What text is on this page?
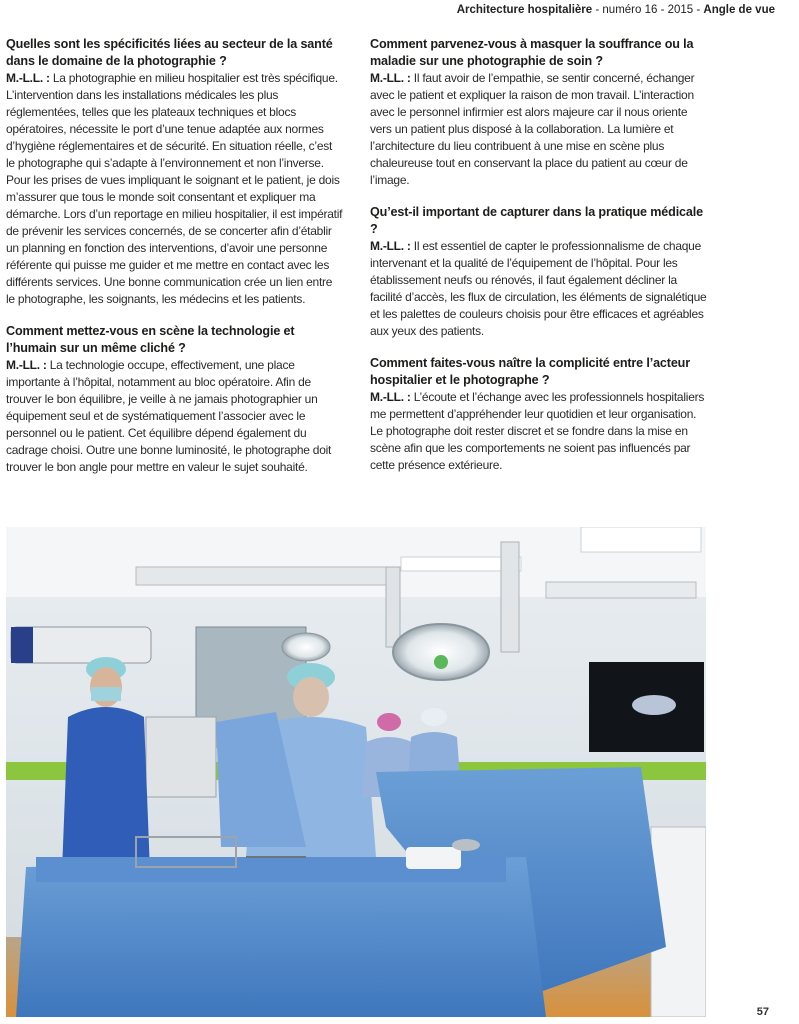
Architecture hospitalière - numéro 16 - 2015 - Angle de vue

Quelles sont les spécificités liées au secteur de la santé dans le domaine de la photographie ?

M.-L.L. : La photographie en milieu hospitalier est très spécifique. L’intervention dans les installations médicales les plus réglementées, telles que les plateaux techniques et blocs opératoires, nécessite le port d’une tenue adaptée aux normes d’hygiène réglementaires et de sécurité. En situation réelle, c’est le photographe qui s’adapte à l’environnement et non l’inverse. Pour les prises de vues impliquant le soignant et le patient, je dois m’assurer que tous le monde soit consentant et expliquer ma démarche. Lors d’un reportage en milieu hospitalier, il est impératif de prévenir les services concernés, de se concerter afin d’établir un planning en fonction des interventions, d’avoir une personne référente qui puisse me guider et me mettre en contact avec les différents services. Une bonne communication crée un lien entre le photographe, les soignants, les médecins et les patients.

Comment mettez-vous en scène la technologie et l’humain sur un même cliché ?

M.-LL. : La technologie occupe, effectivement, une place importante à l’hôpital, notamment au bloc opératoire. Afin de trouver le bon équilibre, je veille à ne jamais photographier un équipement seul et de systématiquement l’associer avec le personnel ou le patient. Cet équilibre dépend également du cadrage choisi. Outre une bonne luminosité, le photographe doit trouver le bon angle pour mettre en valeur le sujet souhaité.

Comment parvenez-vous à masquer la souffrance ou la maladie sur une photographie de soin ?

M.-LL. : Il faut avoir de l’empathie, se sentir concerné, échanger avec le patient et expliquer la raison de mon travail. L’interaction avec le personnel infirmier est alors majeure car il nous oriente vers un patient plus disposé à la collaboration. La lumière et l’architecture du lieu contribuent à une mise en scène plus chaleureuse tout en conservant la place du patient au cœur de l’image.

Qu’est-il important de capturer dans la pratique médicale ?

M.-LL. : Il est essentiel de capter le professionnalisme de chaque intervenant et la qualité de l’équipement de l’hôpital. Pour les établissement neufs ou rénovés, il faut également décliner la facilité d’accès, les flux de circulation, les éléments de signalétique et les palettes de couleurs choisis pour être efficaces et agréables aux yeux des patients.

Comment faites-vous naître la complicité entre l’acteur hospitalier et le photographe ?

M.-LL. : L’écoute et l’échange avec les professionnels hospitaliers me permettent d’appréhender leur quotidien et leur organisation. Le photographe doit rester discret et se fondre dans la mise en scène afin que les comportements ne soient pas influencés par cette présence extérieure.

57
